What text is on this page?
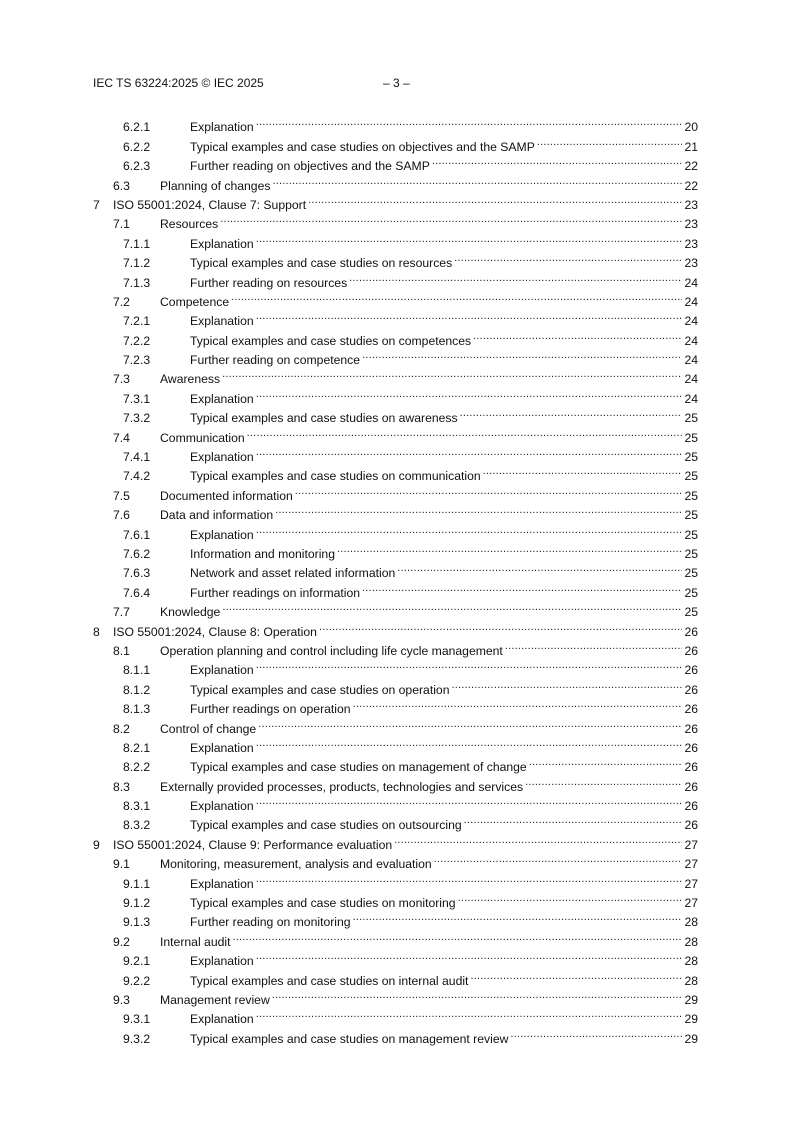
IEC TS 63224:2025 © IEC 2025	– 3 –
6.2.1	Explanation .....	20
6.2.2	Typical examples and case studies on objectives and the SAMP .....	21
6.2.3	Further reading on objectives and the SAMP .....	22
6.3	Planning of changes .....	22
7	ISO 55001:2024, Clause 7: Support .....	23
7.1	Resources .....	23
7.1.1	Explanation .....	23
7.1.2	Typical examples and case studies on resources .....	23
7.1.3	Further reading on resources .....	24
7.2	Competence .....	24
7.2.1	Explanation .....	24
7.2.2	Typical examples and case studies on competences .....	24
7.2.3	Further reading on competence .....	24
7.3	Awareness .....	24
7.3.1	Explanation .....	24
7.3.2	Typical examples and case studies on awareness .....	25
7.4	Communication .....	25
7.4.1	Explanation .....	25
7.4.2	Typical examples and case studies on communication .....	25
7.5	Documented information .....	25
7.6	Data and information .....	25
7.6.1	Explanation .....	25
7.6.2	Information and monitoring .....	25
7.6.3	Network and asset related information .....	25
7.6.4	Further readings on information .....	25
7.7	Knowledge .....	25
8	ISO 55001:2024, Clause 8: Operation .....	26
8.1	Operation planning and control including life cycle management .....	26
8.1.1	Explanation .....	26
8.1.2	Typical examples and case studies on operation .....	26
8.1.3	Further readings on operation .....	26
8.2	Control of change .....	26
8.2.1	Explanation .....	26
8.2.2	Typical examples and case studies on management of change .....	26
8.3	Externally provided processes, products, technologies and services .....	26
8.3.1	Explanation .....	26
8.3.2	Typical examples and case studies on outsourcing .....	26
9	ISO 55001:2024, Clause 9: Performance evaluation .....	27
9.1	Monitoring, measurement, analysis and evaluation .....	27
9.1.1	Explanation .....	27
9.1.2	Typical examples and case studies on monitoring .....	27
9.1.3	Further reading on monitoring .....	28
9.2	Internal audit .....	28
9.2.1	Explanation .....	28
9.2.2	Typical examples and case studies on internal audit .....	28
9.3	Management review .....	29
9.3.1	Explanation .....	29
9.3.2	Typical examples and case studies on management review .....	29
